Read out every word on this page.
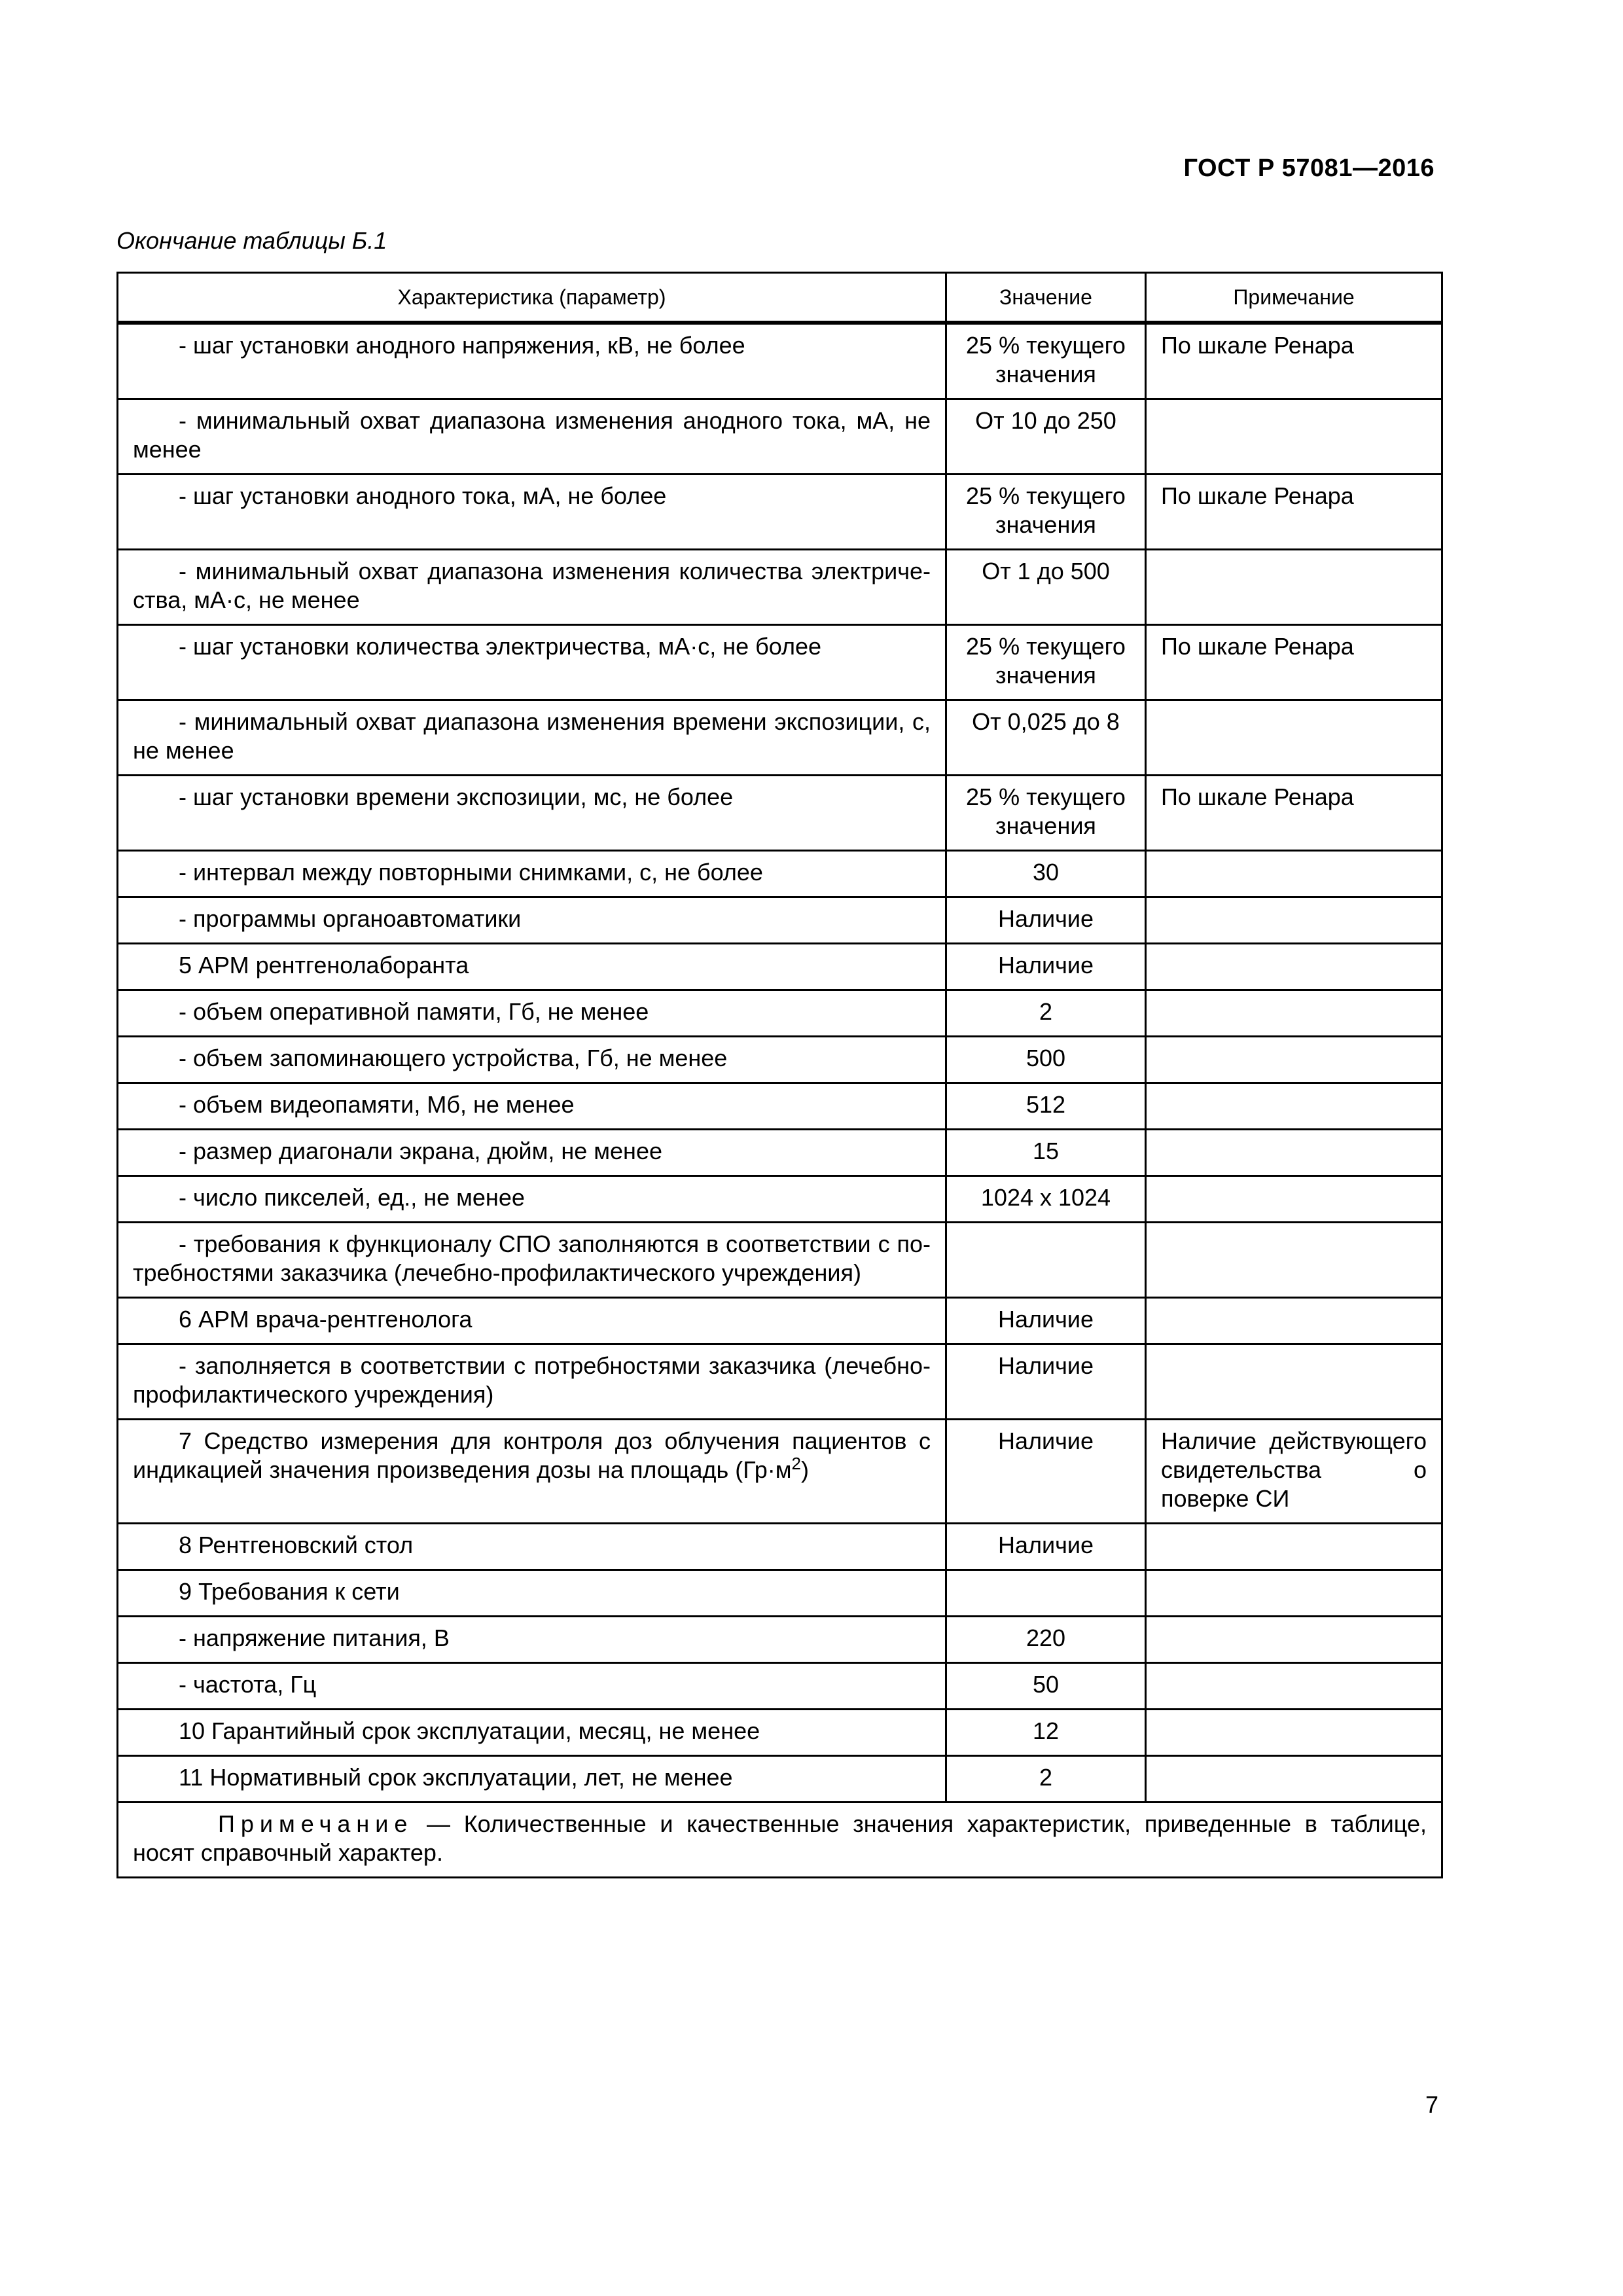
ГОСТ Р 57081—2016
Окончание таблицы Б.1
Характеристика (параметр)	Значение	Примечание
- шаг установки анодного напряжения, кВ, не более	25 % текущего значения	По шкале Ренара
- минимальный охват диапазона изменения анодного тока, мА, не менее	От 10 до 250	
- шаг установки анодного тока, мА, не более	25 % текущего значения	По шкале Ренара
- минимальный охват диапазона изменения количества электричества, мА·с, не менее	От 1 до 500	
- шаг установки количества электричества, мА·с, не более	25 % текущего значения	По шкале Ренара
- минимальный охват диапазона изменения времени экспозиции, с, не менее	От 0,025 до 8	
- шаг установки времени экспозиции, мс, не более	25 % текущего значения	По шкале Ренара
- интервал между повторными снимками, с, не более	30	
- программы органоавтоматики	Наличие	
5 АРМ рентгенолаборанта	Наличие	
- объем оперативной памяти, Гб, не менее	2	
- объем запоминающего устройства, Гб, не менее	500	
- объем видеопамяти, Мб, не менее	512	
- размер диагонали экрана, дюйм, не менее	15	
- число пикселей, ед., не менее	1024 x 1024	
- требования к функционалу СПО заполняются в соответствии с потребностями заказчика (лечебно-профилактического учреждения)		
6 АРМ врача-рентгенолога	Наличие	
- заполняется в соответствии с потребностями заказчика (лечебно-профилактического учреждения)	Наличие	
7 Средство измерения для контроля доз облучения пациентов с индикацией значения произведения дозы на площадь $(Гр\cdot м^2)$	Наличие	Наличие действующего свидетельства о поверке СИ
8 Рентгеновский стол	Наличие	
9 Требования к сети		
- напряжение питания, В	220	
- частота, Гц	50	
10 Гарантийный срок эксплуатации, месяц, не менее	12	
11 Нормативный срок эксплуатации, лет, не менее	2	
Примечание — Количественные и качественные значения характеристик, приведенные в таблице, носят справочный характер.		
7
